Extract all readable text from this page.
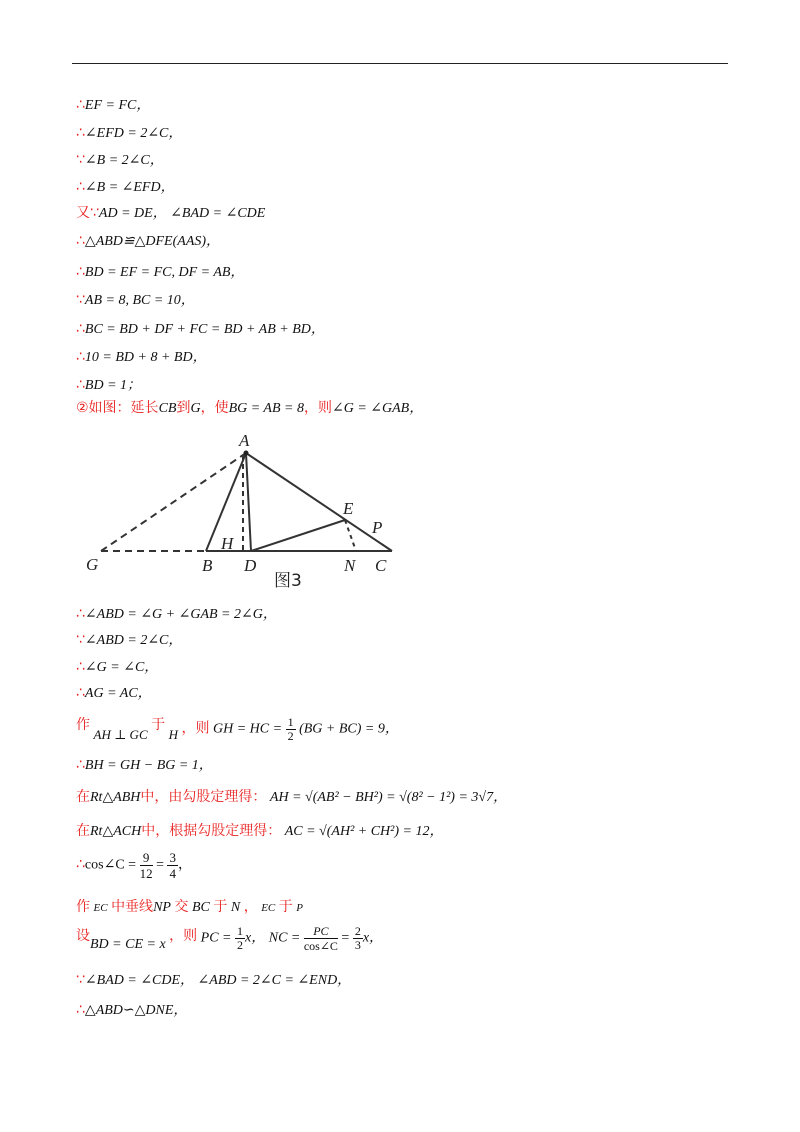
∴EF = FC，
∴∠EFD = 2∠C，
∵∠B = 2∠C，
∴∠B = ∠EFD，
又∵AD = DE， ∠BAD = ∠CDE
∴△ABD≌△DFE(AAS)，
∴BD = EF = FC, DF = AB，
∵AB = 8, BC = 10，
∴BC = BD + DF + FC = BD + AB + BD，
∴10 = BD + 8 + BD，
∴BD = 1；
②如图：延长CB到G，使BG = AB = 8，则∠G = ∠GAB，
A
G	B
H
D
E
P
N C
图3
∴∠ABD = ∠G + ∠GAB = 2∠G，
∵∠ABD = 2∠C，
∴∠G = ∠C，
∴AG = AC，
作 AH ⊥ GC 于 H ，则 GH = HC = $\frac{1}{2} (BG + BC) = 9$，
∴BH = GH − BG = 1，
在Rt△ABH中，由勾股定理得： AH = √(AB² − BH²) = √(8² − 1²) = 3√7，
在Rt△ACH中，根据勾股定理得： AC = √(AH² + CH²) = 12，
∴cos∠C = $\frac{9}{12} = \frac{3}{4}$ ，
作 EC 中垂线NP 交 BC 于 N ， EC 于 P
设BD = CE = x ，则 PC = $\frac{1}{2}$ x， NC = $\frac{PC}{\cos\angle C} = \frac{2}{3}$ x，
∵∠BAD = ∠CDE， ∠ABD = 2∠C = ∠END，
∴△ABD∽△DNE，
